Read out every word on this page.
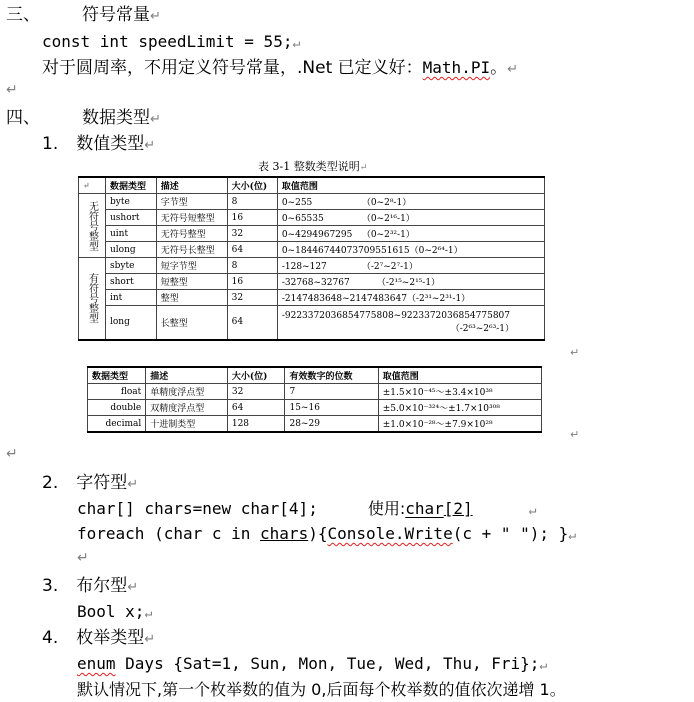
三、 符号常量↵
const int speedLimit = 55;↵
对于圆周率，不用定义符号常量，.Net 已定义好：Math.PI。↵
↵
四、 数据类型↵
1. 数值类型↵
表 3-1 整数类型说明↵
↵	数据类型	描述	大小(位)	取值范围
无符号整型	byte	字节型	8	0~255 （0~2⁸-1）
	ushort	无符号短整型	16	0~65535 （0~2¹⁶-1）
	uint	无符号整型	32	0~4294967295 （0~2³²-1）
	ulong	无符号长整型	64	0~18446744073709551615（0~2⁶⁴-1）
有符号整型	sbyte	短字节型	8	-128~127 （-2⁷~2⁷-1）
	short	短整型	16	-32768~32767 （-2¹⁵~2¹⁵-1）
	int	整型	32	-2147483648~2147483647（-2³¹~2³¹-1）
	long	长整型	64	-9223372036854775808~9223372036854775807
（-2⁶³~2⁶³-1）
↵
数据类型	描述	大小(位)	有效数字的位数	取值范围
float	单精度浮点型	32	7	±1.5×10⁻⁴⁵～±3.4×10³⁸
double	双精度浮点型	64	15~16	±5.0×10⁻³²⁴～±1.7×10³⁰⁸
decimal	十进制类型	128	28~29	±1.0×10⁻²⁸～±7.9×10²⁸
↵
↵
2. 字符型↵
char[] chars=new char[4];	使用:char[2]	↵
foreach (char c in chars){Console.Write(c + " "); }↵
↵
3. 布尔型↵
Bool x;↵
4. 枚举类型↵
enum Days {Sat=1, Sun, Mon, Tue, Wed, Thu, Fri};↵
默认情况下,第一个枚举数的值为 0,后面每个枚举数的值依次递增 1。
